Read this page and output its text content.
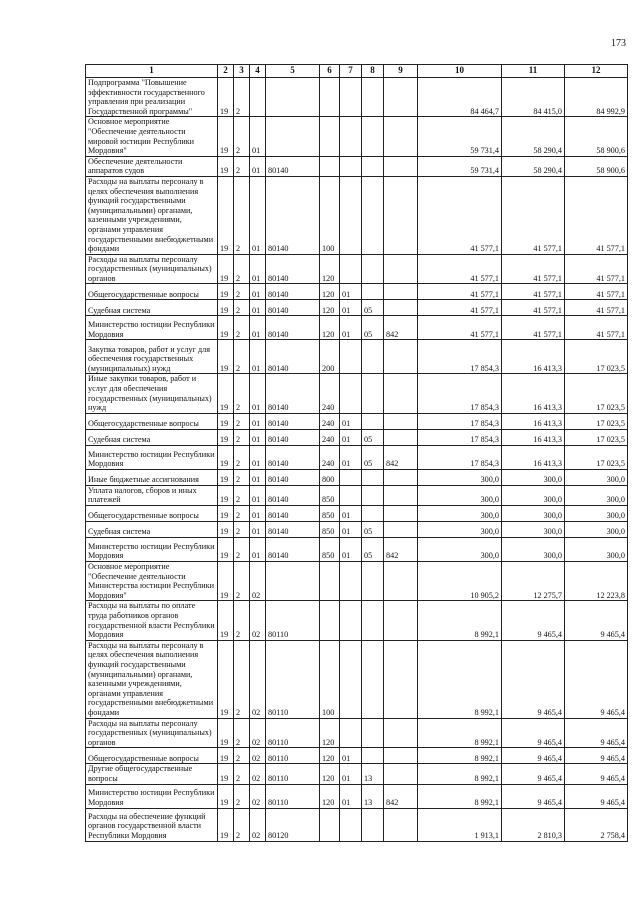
173
1	2	3	4	5	6	7	8	9	10	11	12
Подпрограмма "Повышение эффективности государственного управления при реализации Государственной программы"	19	2							84 464,7	84 415,0	84 992,9
Основное мероприятие "Обеспечение деятельности мировой юстиции Республики Мордовия"	19	2	01						59 731,4	58 290,4	58 900,6
Обеспечение деятельности аппаратов судов	19	2	01	80140					59 731,4	58 290,4	58 900,6
Расходы на выплаты персоналу в целях обеспечения выполнения функций государственными (муниципальными) органами, казенными учреждениями, органами управления государственными внебюджетными фондами	19	2	01	80140	100				41 577,1	41 577,1	41 577,1
Расходы на выплаты персоналу государственных (муниципальных) органов	19	2	01	80140	120				41 577,1	41 577,1	41 577,1
Общегосударственные вопросы	19	2	01	80140	120	01			41 577,1	41 577,1	41 577,1
Судебная система	19	2	01	80140	120	01	05		41 577,1	41 577,1	41 577,1
Министерство юстиции Республики Мордовия	19	2	01	80140	120	01	05	842	41 577,1	41 577,1	41 577,1
Закупка товаров, работ и услуг для обеспечения государственных (муниципальных) нужд	19	2	01	80140	200				17 854,3	16 413,3	17 023,5
Иные закупки товаров, работ и услуг для обеспечения государственных (муниципальных) нужд	19	2	01	80140	240				17 854,3	16 413,3	17 023,5
Общегосударственные вопросы	19	2	01	80140	240	01			17 854,3	16 413,3	17 023,5
Судебная система	19	2	01	80140	240	01	05		17 854,3	16 413,3	17 023,5
Министерство юстиции Республики Мордовия	19	2	01	80140	240	01	05	842	17 854,3	16 413,3	17 023,5
Иные бюджетные ассигнования	19	2	01	80140	800				300,0	300,0	300,0
Уплата налогов, сборов и иных платежей	19	2	01	80140	850				300,0	300,0	300,0
Общегосударственные вопросы	19	2	01	80140	850	01			300,0	300,0	300,0
Судебная система	19	2	01	80140	850	01	05		300,0	300,0	300,0
Министерство юстиции Республики Мордовия	19	2	01	80140	850	01	05	842	300,0	300,0	300,0
Основное мероприятие "Обеспечение деятельности Министерства юстиции Республики Мордовия"	19	2	02						10 905,2	12 275,7	12 223,8
Расходы на выплаты по оплате труда работников органов государственной власти Республики Мордовия	19	2	02	80110					8 992,1	9 465,4	9 465,4
Расходы на выплаты персоналу в целях обеспечения выполнения функций государственными (муниципальными) органами, казенными учреждениями, органами управления государственными внебюджетными фондами	19	2	02	80110	100				8 992,1	9 465,4	9 465,4
Расходы на выплаты персоналу государственных (муниципальных) органов	19	2	02	80110	120				8 992,1	9 465,4	9 465,4
Общегосударственные вопросы	19	2	02	80110	120	01			8 992,1	9 465,4	9 465,4
Другие общегосударственные вопросы	19	2	02	80110	120	01	13		8 992,1	9 465,4	9 465,4
Министерство юстиции Республики Мордовия	19	2	02	80110	120	01	13	842	8 992,1	9 465,4	9 465,4
Расходы на обеспечение функций органов государственной власти Республики Мордовия	19	2	02	80120					1 913,1	2 810,3	2 758,4
